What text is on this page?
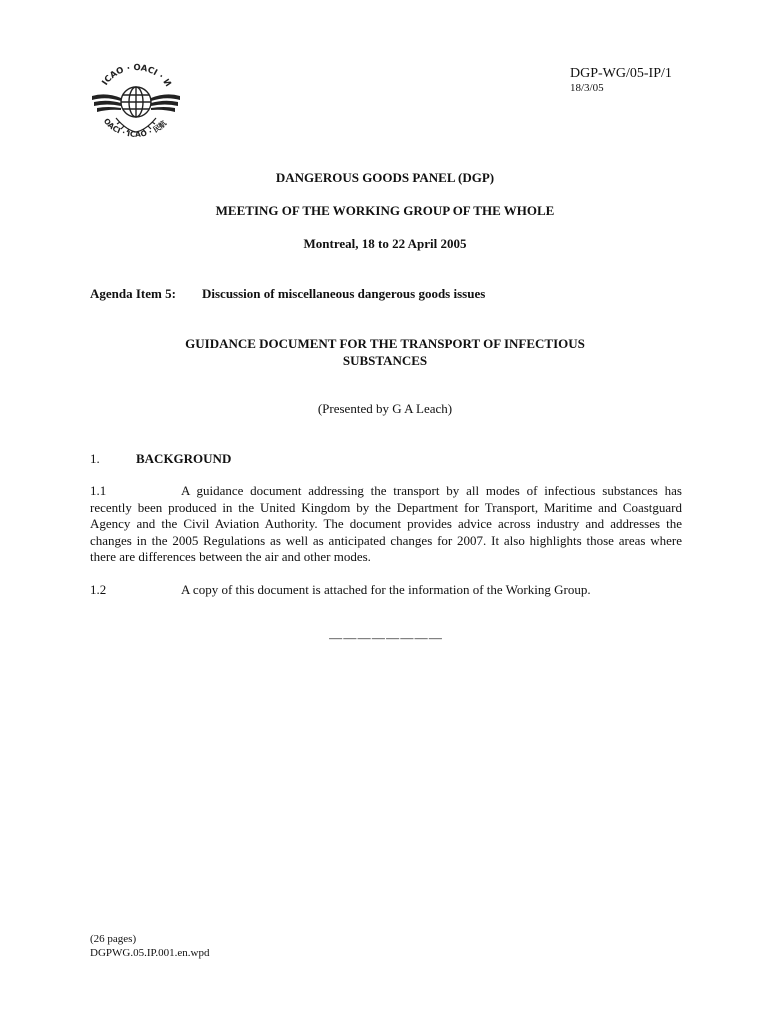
ICAO · OACI · И
OACI · ICAO · 民航
DGP-WG/05-IP/1
18/3/05
DANGEROUS GOODS PANEL (DGP)
MEETING OF THE WORKING GROUP OF THE WHOLE
Montreal, 18 to 22 April 2005
Agenda Item 5: Discussion of miscellaneous dangerous goods issues
GUIDANCE DOCUMENT FOR THE TRANSPORT OF INFECTIOUS
SUBSTANCES
(Presented by G A Leach)
1.	BACKGROUND
1.1	A guidance document addressing the transport by all modes of infectious substances has recently been produced in the United Kingdom by the Department for Transport, Maritime and Coastguard Agency and the Civil Aviation Authority. The document provides advice across industry and addresses the changes in the 2005 Regulations as well as anticipated changes for 2007. It also highlights those areas where there are differences between the air and other modes.
1.2	A copy of this document is attached for the information of the Working Group.
— — — — — — — —
(26 pages)
DGPWG.05.IP.001.en.wpd
